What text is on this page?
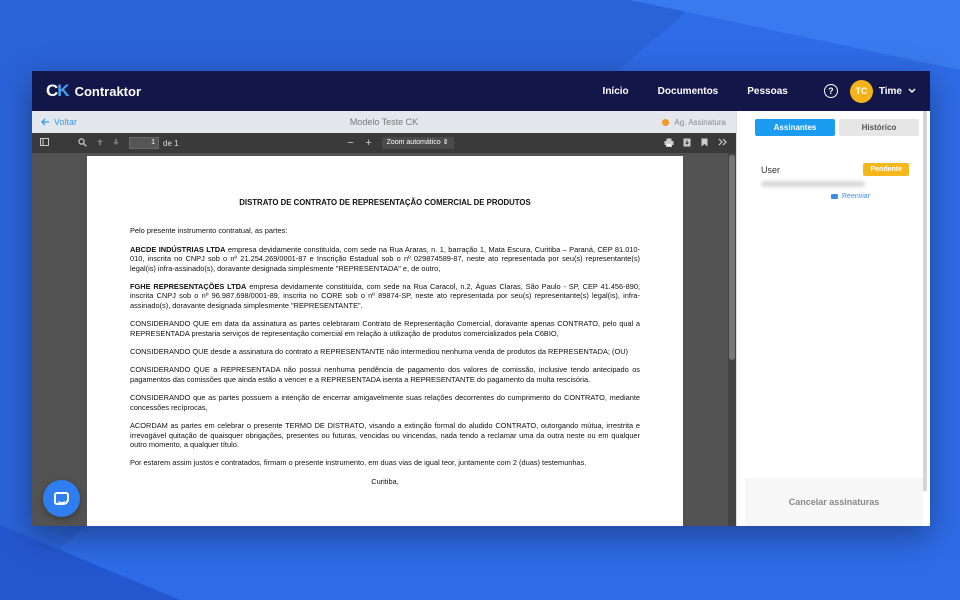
CK Contraktor	Início	Documentos	Pessoas	?	TC	Time
Voltar	Modelo Teste CK	Ag. Assinatura
1	de 1	−	+	Zoom automático ⇕
DISTRATO DE CONTRATO DE REPRESENTAÇÃO COMERCIAL DE PRODUTOS

Pelo presente instrumento contratual, as partes:

ABCDE INDÚSTRIAS LTDA empresa devidamente constituída, com sede na Rua Araras, n. 1, barração 1, Mata Escura, Curitiba – Paraná, CEP 81.010-010, inscrita no CNPJ sob o nº 21.254.269/0001-87 e Inscrição Estadual sob o nº 029874589-87, neste ato representada por seu(s) representante(s) legal(is) infra-assinado(s), doravante designada simplesmente "REPRESENTADA" e, de outro,

FGHE REPRESENTAÇÕES LTDA empresa devidamente constituída, com sede na Rua Caracol, n.2, Águas Claras, São Paulo - SP, CEP 41.456-890, inscrita CNPJ sob o nº 96.987.698/0001-89, inscrita no CORE sob o nº 89874-SP, neste ato representada por seu(s) representante(s) legal(is), infra-assinado(s), doravante designada simplesmente "REPRESENTANTE".

CONSIDERANDO QUE em data da assinatura as partes celebraram Contrato de Representação Comercial, doravante apenas CONTRATO, pelo qual a REPRESENTADA prestaria serviços de representação comercial em relação à utilização de produtos comercializados pela C6BIO,

CONSIDERANDO QUE desde a assinatura do contrato a REPRESENTANTE não intermediou nenhuma venda de produtos da REPRESENTADA; (OU)

CONSIDERANDO QUE a REPRESENTADA não possui nenhuma pendência de pagamento dos valores de comissão, inclusive tendo antecipado os pagamentos das comissões que ainda estão a vencer e a REPRESENTADA isenta a REPRESENTANTE do pagamento da multa rescisória.

CONSIDERANDO que as partes possuem a intenção de encerrar amigavelmente suas relações decorrentes do cumprimento do CONTRATO, mediante concessões recíprocas,

ACORDAM as partes em celebrar o presente TERMO DE DISTRATO, visando a extinção formal do aludido CONTRATO, outorgando mútua, irrestrita e irrevogável quitação de quaisquer obrigações, presentes ou futuras, vencidas ou vincendas, nada tendo a reclamar uma da outra neste ou em qualquer outro momento, a qualquer título.

Por estarem assim justos e contratados, firmam o presente instrumento, em duas vias de igual teor, juntamente com 2 (duas) testemunhas.

Curitiba,

Assinantes	Histórico
User	Pendente
Reenviar
Cancelar assinaturas
